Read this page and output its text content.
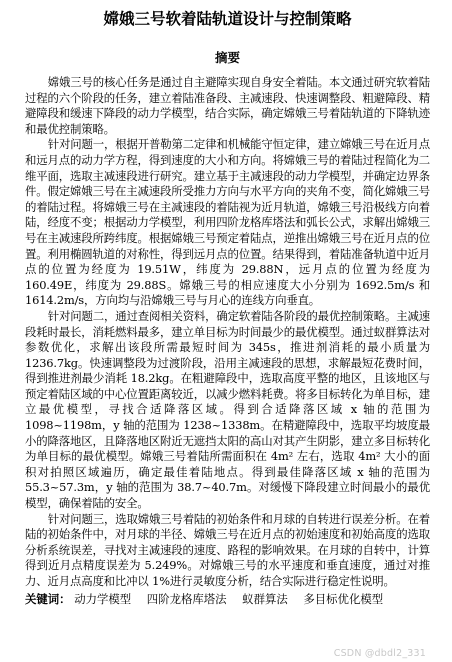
嫦娥三号软着陆轨道设计与控制策略
摘要

嫦娥三号的核心任务是通过自主避障实现自身安全着陆。本文通过研究软着陆过程的六个阶段的任务，建立着陆准备段、主减速段、快速调整段、粗避障段、精避障段和缓速下降段的动力学模型，结合实际，确定嫦娥三号着陆轨道的下降轨迹和最优控制策略。

针对问题一，根据开普勒第二定律和机械能守恒定律，建立嫦娥三号在近月点和远月点的动力学方程，得到速度的大小和方向。将嫦娥三号的着陆过程简化为二维平面，选取主减速段进行研究。建立基于主减速段的动力学模型，并确定边界条件。假定嫦娥三号在主减速段所受推力方向与水平方向的夹角不变，简化嫦娥三号的着陆过程。将嫦娥三号在主减速段的着陆视为近月轨道，嫦娥三号沿极线方向着陆，经度不变；根据动力学模型，利用四阶龙格库塔法和弧长公式，求解出嫦娥三号在主减速段所跨纬度。根据嫦娥三号预定着陆点，逆推出嫦娥三号在近月点的位置。利用椭圆轨道的对称性，得到远月点的位置。结果得到，着陆准备轨道中近月点的位置为经度为 19.51W，纬度为 29.88N，远月点的位置为经度为 160.49E，纬度为 29.88S。嫦娥三号的相应速度大小分别为 1692.5m/s 和 1614.2m/s，方向均与沿嫦娥三号与月心的连线方向垂直。

针对问题二，通过查阅相关资料，确定软着陆各阶段的最优控制策略。主减速段耗时最长，消耗燃料最多，建立单目标为时间最少的最优模型。通过蚁群算法对参数优化，求解出该段所需最短时间为 345s，推进剂消耗的最小质量为 1236.7kg。快速调整段为过渡阶段，沿用主减速段的思想，求解最短花费时间，得到推进剂最少消耗 18.2kg。在粗避障段中，选取高度平整的地区，且该地区与预定着陆区域的中心位置距离较近，以减少燃料耗费。将多目标转化为单目标，建立最优模型，寻找合适降落区域。得到合适降落区域 x 轴的范围为 1098~1198m，y 轴的范围为 1238~1338m。在精避障段中，选取平均坡度最小的降落地区，且降落地区附近无遮挡太阳的高山对其产生阴影，建立多目标转化为单目标的最优模型。嫦娥三号着陆所需面积在 4m² 左右，选取 4m² 大小的面积对拍照区域遍历，确定最佳着陆地点。得到最佳降落区域 x 轴的范围为 55.3~57.3m，y 轴的范围为 38.7~40.7m。对缓慢下降段建立时间最小的最优模型，确保着陆的安全。

针对问题三，选取嫦娥三号着陆的初始条件和月球的自转进行误差分析。在着陆的初始条件中，对月球的半径、嫦娥三号在近月点的初始速度和初始高度的选取分析系统误差，寻找对主减速段的速度、路程的影响效果。在月球的自转中，计算得到近月点精度误差为 5.249%。对嫦娥三号的水平速度和垂直速度，通过对推力、近月点高度和比冲以 1%进行灵敏度分析，结合实际进行稳定性说明。

关键词： 动力学模型 四阶龙格库塔法 蚁群算法 多目标优化模型

CSDN @dbdl2_331
